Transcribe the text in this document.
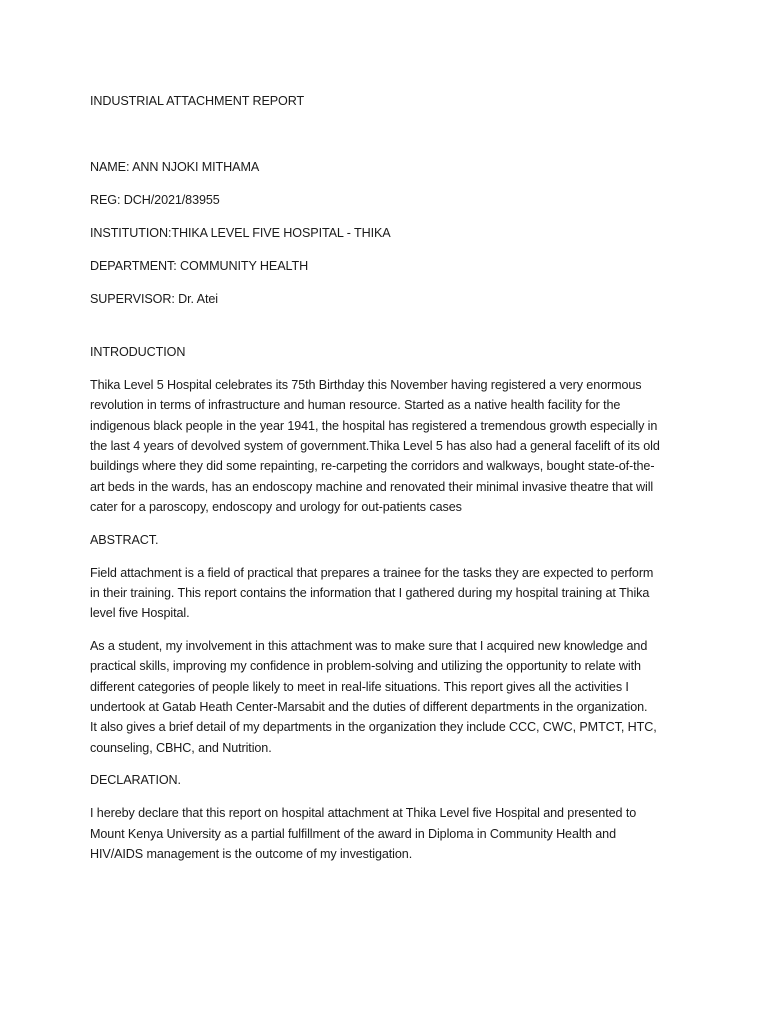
INDUSTRIAL ATTACHMENT REPORT
NAME: ANN NJOKI MITHAMA
REG: DCH/2021/83955
INSTITUTION:THIKA LEVEL FIVE HOSPITAL - THIKA
DEPARTMENT: COMMUNITY HEALTH
SUPERVISOR: Dr. Atei
INTRODUCTION
Thika Level 5 Hospital celebrates its 75th Birthday this November having registered a very enormous
revolution in terms of infrastructure and human resource. Started as a native health facility for the
indigenous black people in the year 1941, the hospital has registered a tremendous growth especially in
the last 4 years of devolved system of government.Thika Level 5 has also had a general facelift of its old
buildings where they did some repainting, re-carpeting the corridors and walkways, bought state-of-the-
art beds in the wards, has an endoscopy machine and renovated their minimal invasive theatre that will
cater for a paroscopy, endoscopy and urology for out-patients cases
ABSTRACT.
Field attachment is a field of practical that prepares a trainee for the tasks they are expected to perform
in their training. This report contains the information that I gathered during my hospital training at Thika
level five Hospital.
As a student, my involvement in this attachment was to make sure that I acquired new knowledge and
practical skills, improving my confidence in problem-solving and utilizing the opportunity to relate with
different categories of people likely to meet in real-life situations. This report gives all the activities I
undertook at Gatab Heath Center-Marsabit and the duties of different departments in the organization.
It also gives a brief detail of my departments in the organization they include CCC, CWC, PMTCT, HTC,
counseling, CBHC, and Nutrition.
DECLARATION.
I hereby declare that this report on hospital attachment at Thika Level five Hospital and presented to
Mount Kenya University as a partial fulfillment of the award in Diploma in Community Health and
HIV/AIDS management is the outcome of my investigation.
